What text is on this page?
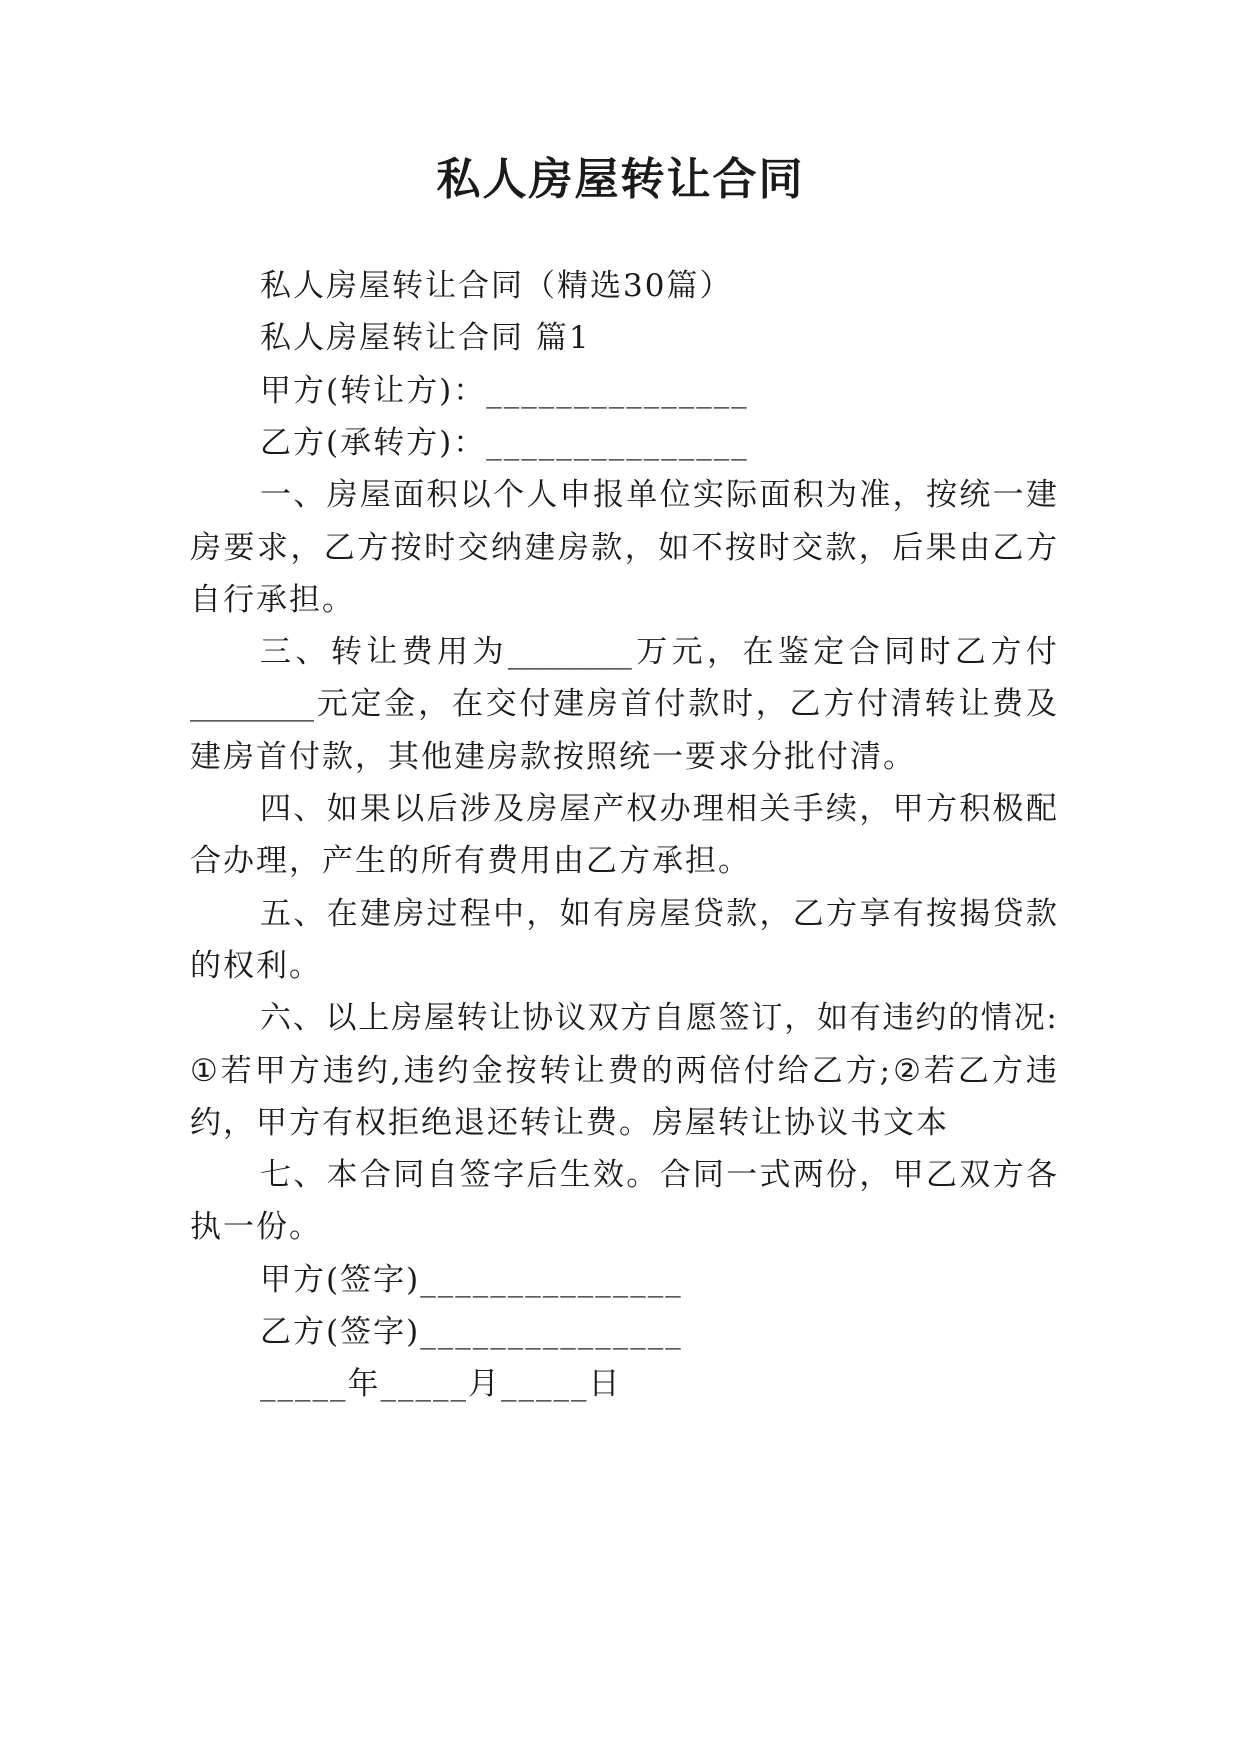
私人房屋转让合同
私人房屋转让合同（精选30篇）
私人房屋转让合同 篇1
甲方(转让方)：_______________
乙方(承转方)：_______________
一 、 房 屋 面 积 以 个 人 申 报 单 位 实 际 面 积 为 准 ， 按 统 一 建
房 要 求 ， 乙 方 按 时 交 纳 建 房 款 ， 如 不 按 时 交 款 ， 后 果 由 乙 方
自行承担。
三 、 转 让 费 用 为 ________ 万 元 ， 在 鉴 定 合 同 时 乙 方 付
________ 元 定 金 ， 在 交 付 建 房 首 付 款 时 ， 乙 方 付 清 转 让 费 及
建房首付款，其他建房款按照统一要求分批付清。
四 、 如 果 以 后 涉 及 房 屋 产 权 办 理 相 关 手 续 ， 甲 方 积 极 配
合办理，产生的所有费用由乙方承担。
五 、 在 建 房 过 程 中 ， 如 有 房 屋 贷 款 ， 乙 方 享 有 按 揭 贷 款
的权利。
六 、 以 上 房 屋 转 让 协 议 双 方 自 愿 签 订 ， 如 有 违 约 的 情 况 :
① 若 甲 方 违 约 , 违 约 金 按 转 让 费 的 两 倍 付 给 乙 方 ; ② 若 乙 方 违
约，甲方有权拒绝退还转让费。房屋转让协议书文本
七 、 本 合 同 自 签 字 后 生 效 。 合 同 一 式 两 份 ， 甲 乙 双 方 各
执一份。
甲方(签字)_______________
乙方(签字)_______________
_____年_____月_____日
